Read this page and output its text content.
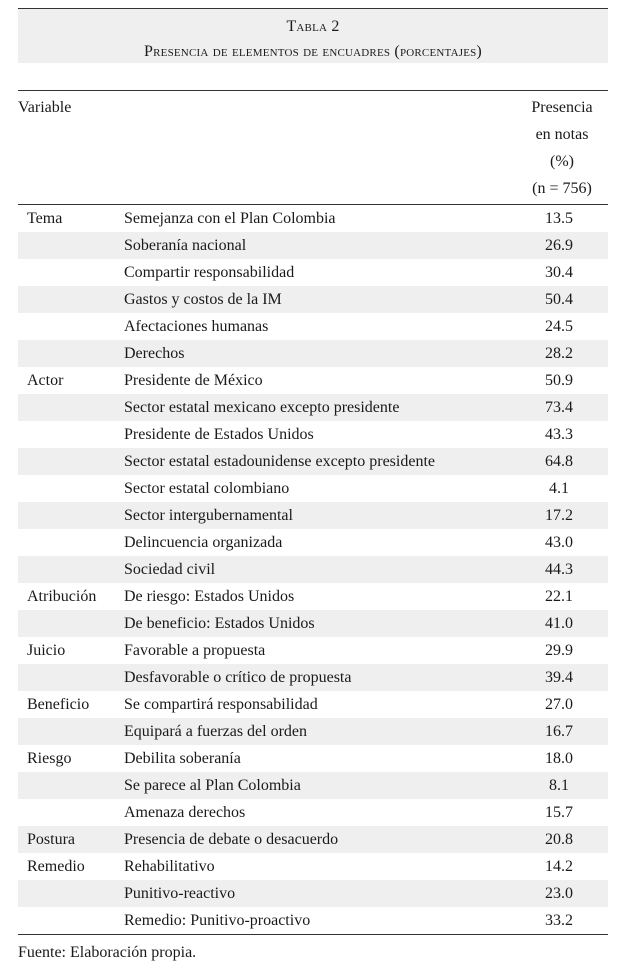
Tabla 2
Presencia de elementos de encuadres (porcentajes)
Variable		Presencia
en notas
(%)
(n = 756)

Tema	Semejanza con el Plan Colombia	13.5
	Soberanía nacional	26.9
	Compartir responsabilidad	30.4
	Gastos y costos de la IM	50.4
	Afectaciones humanas	24.5
	Derechos	28.2
Actor	Presidente de México	50.9
	Sector estatal mexicano excepto presidente	73.4
	Presidente de Estados Unidos	43.3
	Sector estatal estadounidense excepto presidente	64.8
	Sector estatal colombiano	4.1
	Sector intergubernamental	17.2
	Delincuencia organizada	43.0
	Sociedad civil	44.3
Atribución	De riesgo: Estados Unidos	22.1
	De beneficio: Estados Unidos	41.0
Juicio	Favorable a propuesta	29.9
	Desfavorable o crítico de propuesta	39.4
Beneficio	Se compartirá responsabilidad	27.0
	Equipará a fuerzas del orden	16.7
Riesgo	Debilita soberanía	18.0
	Se parece al Plan Colombia	8.1
	Amenaza derechos	15.7
Postura	Presencia de debate o desacuerdo	20.8
Remedio	Rehabilitativo	14.2
	Punitivo-reactivo	23.0
	Remedio: Punitivo-proactivo	33.2
Fuente: Elaboración propia.
